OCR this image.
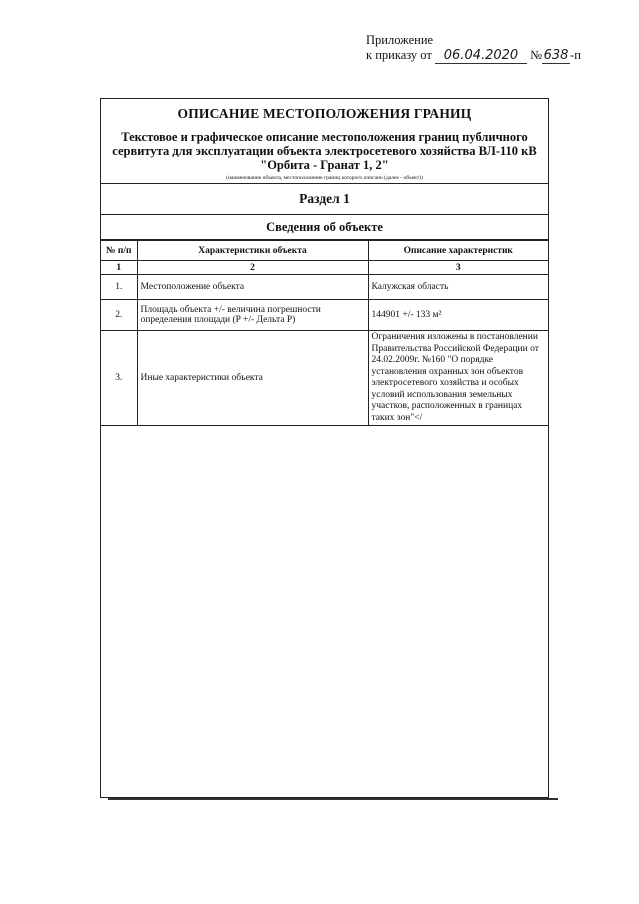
Приложение
к приказу от 06.04.2020 № 638 -п
ОПИСАНИЕ МЕСТОПОЛОЖЕНИЯ ГРАНИЦ
Текстовое и графическое описание местоположения границ публичного
сервитута для эксплуатации объекта электросетевого хозяйства ВЛ-110 кВ
"Орбита - Гранат 1, 2"
(наименование объекта, местоположение границ которого описано (далее - объект))
Раздел 1
Сведения об объекте
№ п/п	Характеристики объекта	Описание характеристик
1	2	3
1.	Местоположение объекта	Калужская область
2.	Площадь объекта +/- величина погрешности определения площади (P +/- Дельта P)	144901 +/- 133 м²
3.	Иные характеристики объекта	Ограничения изложены в постановлении Правительства Российской Федерации от 24.02.2009г. №160 "О порядке установления охранных зон объектов электросетевого хозяйства и особых условий использования земельных участков, расположенных в границах таких зон"</
